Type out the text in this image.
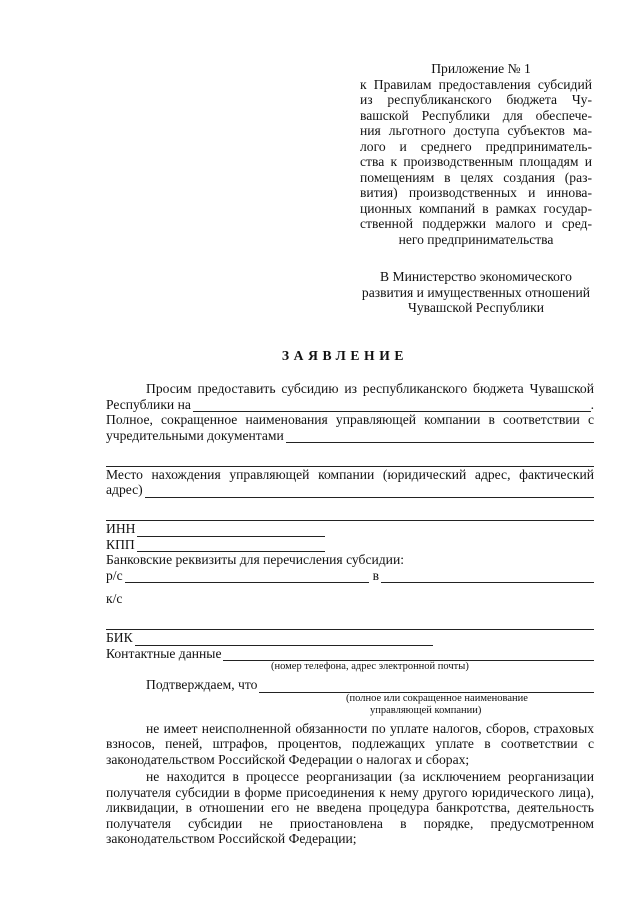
Приложение № 1
к Правилам предоставления субсидий
из республиканского бюджета Чу-
вашской Республики для обеспече-
ния льготного доступа субъектов ма-
лого и среднего предприниматель-
ства к производственным площадям и
помещениям в целях создания (раз-
вития) производственных и иннова-
ционных компаний в рамках государ-
ственной поддержки малого и сред-
него предпринимательства
В Министерство экономического
развития и имущественных отношений
Чувашской Республики
ЗАЯВЛЕНИЕ
Просим предоставить субсидию из республиканского бюджета Чувашской
Республики на	.
Полное, сокращенное наименования управляющей компании в соответствии с
учредительными документами
Место нахождения управляющей компании (юридический адрес, фактический
адрес)
ИНН
КПП
Банковские реквизиты для перечисления субсидии:
р/с	в
к/с
БИК
Контактные данные
(номер телефона, адрес электронной почты)
Подтверждаем, что
(полное или сокращенное наименование
управляющей компании)
не имеет неисполненной обязанности по уплате налогов, сборов, страховых взносов, пеней, штрафов, процентов, подлежащих уплате в соответствии с законодательством Российской Федерации о налогах и сборах;
не находится в процессе реорганизации (за исключением реорганизации получателя субсидии в форме присоединения к нему другого юридического лица), ликвидации, в отношении его не введена процедура банкротства, деятельность получателя субсидии не приостановлена в порядке, предусмотренном законодательством Российской Федерации;
